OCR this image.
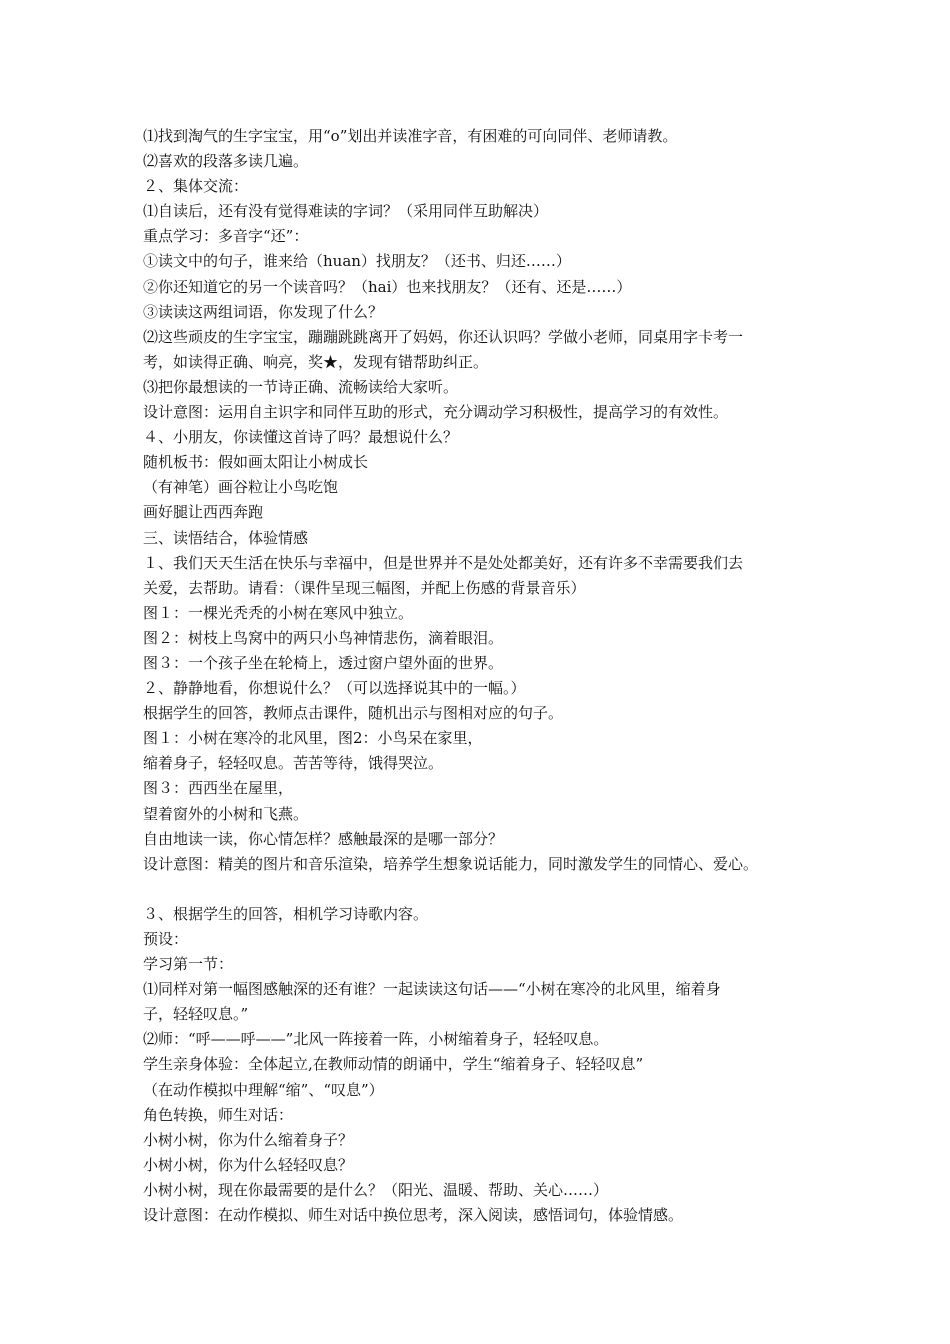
⑴找到淘气的生字宝宝，用“o”划出并读准字音，有困难的可向同伴、老师请教。
⑵喜欢的段落多读几遍。
２、集体交流：
⑴自读后，还有没有觉得难读的字词？（采用同伴互助解决）
重点学习：多音字“还”：
①读文中的句子，谁来给（huan）找朋友？（还书、归还……）
②你还知道它的另一个读音吗？（hai）也来找朋友？（还有、还是……）
③读读这两组词语，你发现了什么？
⑵这些顽皮的生字宝宝，蹦蹦跳跳离开了妈妈，你还认识吗？学做小老师，同桌用字卡考一
考，如读得正确、响亮，奖★，发现有错帮助纠正。
⑶把你最想读的一节诗正确、流畅读给大家听。
设计意图：运用自主识字和同伴互助的形式，充分调动学习积极性，提高学习的有效性。
４、小朋友，你读懂这首诗了吗？最想说什么？
随机板书：假如画太阳让小树成长
（有神笔）画谷粒让小鸟吃饱
画好腿让西西奔跑
三、读悟结合，体验情感
１、我们天天生活在快乐与幸福中，但是世界并不是处处都美好，还有许多不幸需要我们去
关爱，去帮助。请看：（课件呈现三幅图，并配上伤感的背景音乐）
图１：一棵光秃秃的小树在寒风中独立。
图２：树枝上鸟窝中的两只小鸟神情悲伤，滴着眼泪。
图３：一个孩子坐在轮椅上，透过窗户望外面的世界。
２、静静地看，你想说什么？（可以选择说其中的一幅。）
根据学生的回答，教师点击课件，随机出示与图相对应的句子。
图１：小树在寒冷的北风里，图2：小鸟呆在家里，
缩着身子，轻轻叹息。苦苦等待，饿得哭泣。
图３：西西坐在屋里，
望着窗外的小树和飞燕。
自由地读一读，你心情怎样？感触最深的是哪一部分？
设计意图：精美的图片和音乐渲染，培养学生想象说话能力，同时激发学生的同情心、爱心。
３、根据学生的回答，相机学习诗歌内容。
预设：
学习第一节：
⑴同样对第一幅图感触深的还有谁？一起读读这句话——“小树在寒冷的北风里，缩着身
子，轻轻叹息。”
⑵师：“呼——呼——”北风一阵接着一阵，小树缩着身子，轻轻叹息。
学生亲身体验：全体起立,在教师动情的朗诵中，学生“缩着身子、轻轻叹息”
（在动作模拟中理解“缩”、“叹息”）
角色转换，师生对话：
小树小树，你为什么缩着身子？
小树小树，你为什么轻轻叹息？
小树小树，现在你最需要的是什么？（阳光、温暖、帮助、关心……）
设计意图：在动作模拟、师生对话中换位思考，深入阅读，感悟词句，体验情感。
